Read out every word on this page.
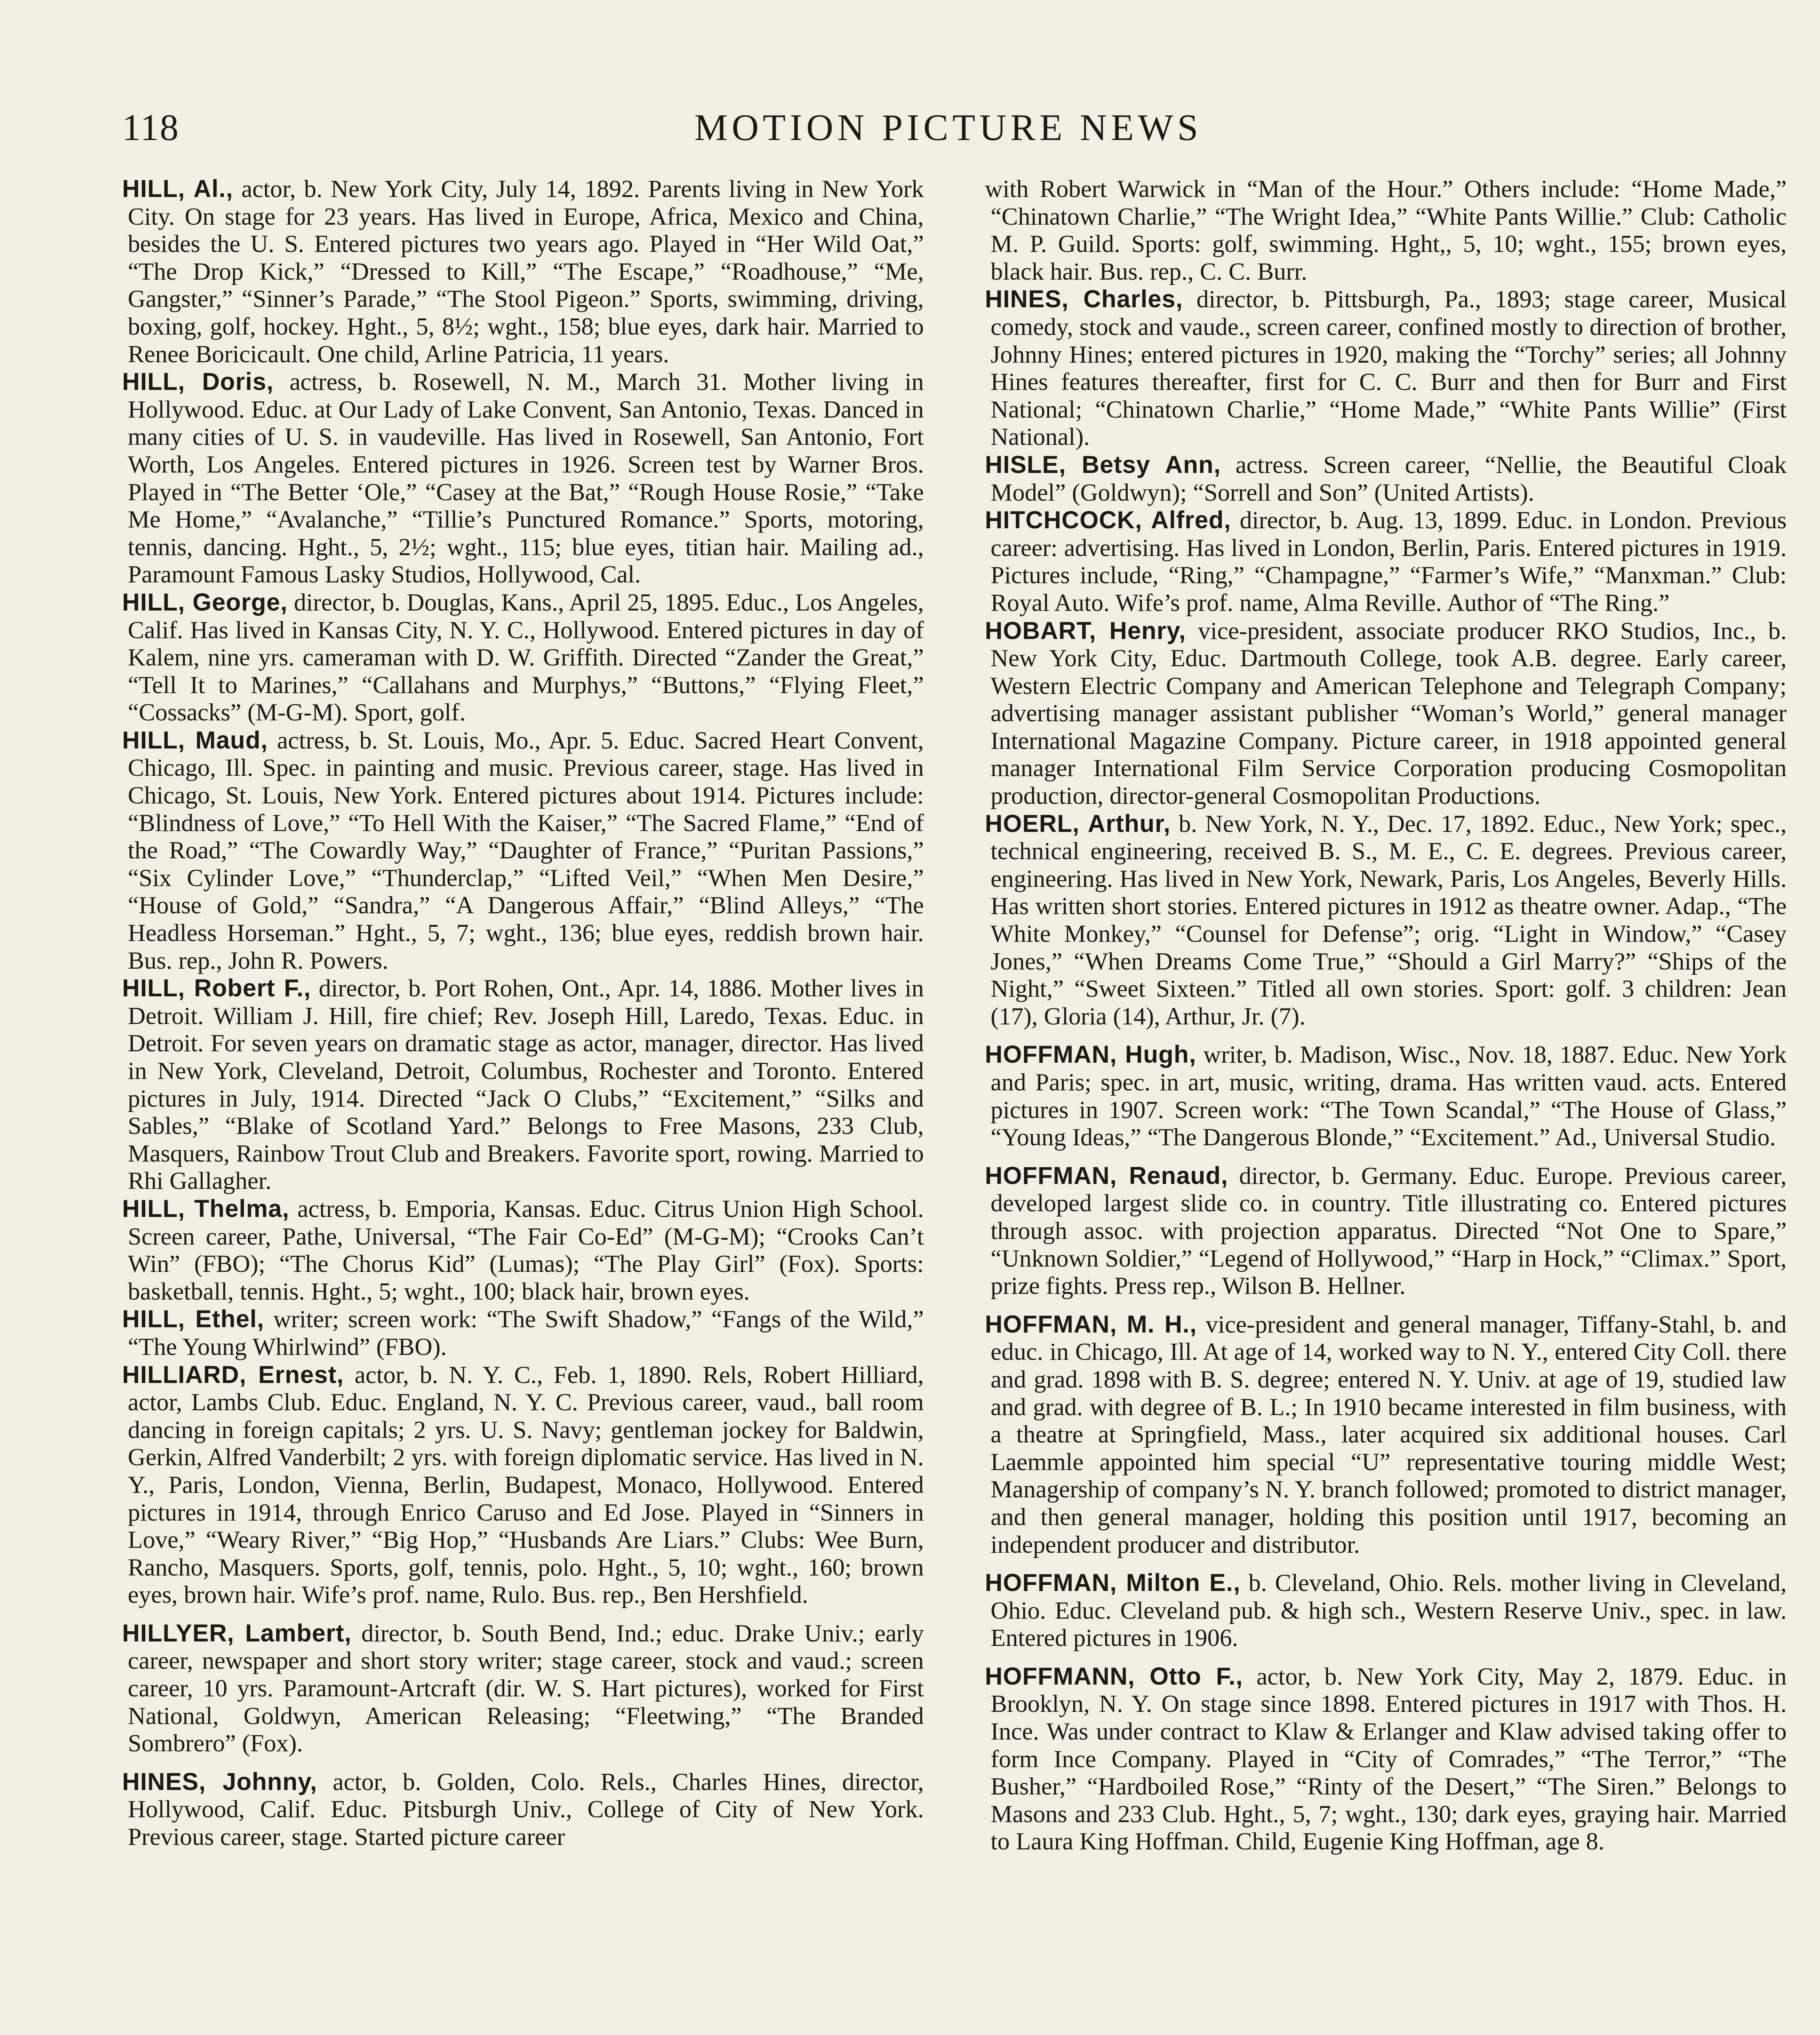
118	MOTION PICTURE NEWS

HILL, Al., actor, b. New York City, July 14, 1892. Parents living in New York City. On stage for 23 years. Has lived in Europe, Africa, Mexico and China, besides the U. S. Entered pictures two years ago. Played in “Her Wild Oat,” “The Drop Kick,” “Dressed to Kill,” “The Escape,” “Roadhouse,” “Me, Gangster,” “Sinner’s Parade,” “The Stool Pigeon.” Sports, swimming, driving, boxing, golf, hockey. Hght., 5, 8½; wght., 158; blue eyes, dark hair. Married to Renee Boricicault. One child, Arline Patricia, 11 years.

HILL, Doris, actress, b. Rosewell, N. M., March 31. Mother living in Hollywood. Educ. at Our Lady of Lake Convent, San Antonio, Texas. Danced in many cities of U. S. in vaudeville. Has lived in Rosewell, San Antonio, Fort Worth, Los Angeles. Entered pictures in 1926. Screen test by Warner Bros. Played in “The Better ‘Ole,” “Casey at the Bat,” “Rough House Rosie,” “Take Me Home,” “Avalanche,” “Tillie’s Punctured Romance.” Sports, motoring, tennis, dancing. Hght., 5, 2½; wght., 115; blue eyes, titian hair. Mailing ad., Paramount Famous Lasky Studios, Hollywood, Cal.

HILL, George, director, b. Douglas, Kans., April 25, 1895. Educ., Los Angeles, Calif. Has lived in Kansas City, N. Y. C., Hollywood. Entered pictures in day of Kalem, nine yrs. cameraman with D. W. Griffith. Directed “Zander the Great,” “Tell It to Marines,” “Callahans and Murphys,” “Buttons,” “Flying Fleet,” “Cossacks” (M-G-M). Sport, golf.

HILL, Maud, actress, b. St. Louis, Mo., Apr. 5. Educ. Sacred Heart Convent, Chicago, Ill. Spec. in painting and music. Previous career, stage. Has lived in Chicago, St. Louis, New York. Entered pictures about 1914. Pictures include: “Blindness of Love,” “To Hell With the Kaiser,” “The Sacred Flame,” “End of the Road,” “The Cowardly Way,” “Daughter of France,” “Puritan Passions,” “Six Cylinder Love,” “Thunderclap,” “Lifted Veil,” “When Men Desire,” “House of Gold,” “Sandra,” “A Dangerous Affair,” “Blind Alleys,” “The Headless Horseman.” Hght., 5, 7; wght., 136; blue eyes, reddish brown hair. Bus. rep., John R. Powers.

HILL, Robert F., director, b. Port Rohen, Ont., Apr. 14, 1886. Mother lives in Detroit. William J. Hill, fire chief; Rev. Joseph Hill, Laredo, Texas. Educ. in Detroit. For seven years on dramatic stage as actor, manager, director. Has lived in New York, Cleveland, Detroit, Columbus, Rochester and Toronto. Entered pictures in July, 1914. Directed “Jack O Clubs,” “Excitement,” “Silks and Sables,” “Blake of Scotland Yard.” Belongs to Free Masons, 233 Club, Masquers, Rainbow Trout Club and Breakers. Favorite sport, rowing. Married to Rhi Gallagher.

HILL, Thelma, actress, b. Emporia, Kansas. Educ. Citrus Union High School. Screen career, Pathe, Universal, “The Fair Co-Ed” (M-G-M); “Crooks Can’t Win” (FBO); “The Chorus Kid” (Lumas); “The Play Girl” (Fox). Sports: basketball, tennis. Hght., 5; wght., 100; black hair, brown eyes.

HILL, Ethel, writer; screen work: “The Swift Shadow,” “Fangs of the Wild,” “The Young Whirlwind” (FBO).

HILLIARD, Ernest, actor, b. N. Y. C., Feb. 1, 1890. Rels, Robert Hilliard, actor, Lambs Club. Educ. England, N. Y. C. Previous career, vaud., ball room dancing in foreign capitals; 2 yrs. U. S. Navy; gentleman jockey for Baldwin, Gerkin, Alfred Vanderbilt; 2 yrs. with foreign diplomatic service. Has lived in N. Y., Paris, London, Vienna, Berlin, Budapest, Monaco, Hollywood. Entered pictures in 1914, through Enrico Caruso and Ed Jose. Played in “Sinners in Love,” “Weary River,” “Big Hop,” “Husbands Are Liars.” Clubs: Wee Burn, Rancho, Masquers. Sports, golf, tennis, polo. Hght., 5, 10; wght., 160; brown eyes, brown hair. Wife’s prof. name, Rulo. Bus. rep., Ben Hershfield.

HILLYER, Lambert, director, b. South Bend, Ind.; educ. Drake Univ.; early career, newspaper and short story writer; stage career, stock and vaud.; screen career, 10 yrs. Paramount-Artcraft (dir. W. S. Hart pictures), worked for First National, Goldwyn, American Releasing; “Fleetwing,” “The Branded Sombrero” (Fox).

HINES, Johnny, actor, b. Golden, Colo. Rels., Charles Hines, director, Hollywood, Calif. Educ. Pitsburgh Univ., College of City of New York. Previous career, stage. Started picture career

with Robert Warwick in “Man of the Hour.” Others include: “Home Made,” “Chinatown Charlie,” “The Wright Idea,” “White Pants Willie.” Club: Catholic M. P. Guild. Sports: golf, swimming. Hght,, 5, 10; wght., 155; brown eyes, black hair. Bus. rep., C. C. Burr.

HINES, Charles, director, b. Pittsburgh, Pa., 1893; stage career, Musical comedy, stock and vaude., screen career, confined mostly to direction of brother, Johnny Hines; entered pictures in 1920, making the “Torchy” series; all Johnny Hines features thereafter, first for C. C. Burr and then for Burr and First National; “Chinatown Charlie,” “Home Made,” “White Pants Willie” (First National).

HISLE, Betsy Ann, actress. Screen career, “Nellie, the Beautiful Cloak Model” (Goldwyn); “Sorrell and Son” (United Artists).

HITCHCOCK, Alfred, director, b. Aug. 13, 1899. Educ. in London. Previous career: advertising. Has lived in London, Berlin, Paris. Entered pictures in 1919. Pictures include, “Ring,” “Champagne,” “Farmer’s Wife,” “Manxman.” Club: Royal Auto. Wife’s prof. name, Alma Reville. Author of “The Ring.”

HOBART, Henry, vice-president, associate producer RKO Studios, Inc., b. New York City, Educ. Dartmouth College, took A.B. degree. Early career, Western Electric Company and American Telephone and Telegraph Company; advertising manager assistant publisher “Woman’s World,” general manager International Magazine Company. Picture career, in 1918 appointed general manager International Film Service Corporation producing Cosmopolitan production, director-general Cosmopolitan Productions.

HOERL, Arthur, b. New York, N. Y., Dec. 17, 1892. Educ., New York; spec., technical engineering, received B. S., M. E., C. E. degrees. Previous career, engineering. Has lived in New York, Newark, Paris, Los Angeles, Beverly Hills. Has written short stories. Entered pictures in 1912 as theatre owner. Adap., “The White Monkey,” “Counsel for Defense”; orig. “Light in Window,” “Casey Jones,” “When Dreams Come True,” “Should a Girl Marry?” “Ships of the Night,” “Sweet Sixteen.” Titled all own stories. Sport: golf. 3 children: Jean (17), Gloria (14), Arthur, Jr. (7).

HOFFMAN, Hugh, writer, b. Madison, Wisc., Nov. 18, 1887. Educ. New York and Paris; spec. in art, music, writing, drama. Has written vaud. acts. Entered pictures in 1907. Screen work: “The Town Scandal,” “The House of Glass,” “Young Ideas,” “The Dangerous Blonde,” “Excitement.” Ad., Universal Studio.

HOFFMAN, Renaud, director, b. Germany. Educ. Europe. Previous career, developed largest slide co. in country. Title illustrating co. Entered pictures through assoc. with projection apparatus. Directed “Not One to Spare,” “Unknown Soldier,” “Legend of Hollywood,” “Harp in Hock,” “Climax.” Sport, prize fights. Press rep., Wilson B. Hellner.

HOFFMAN, M. H., vice-president and general manager, Tiffany-Stahl, b. and educ. in Chicago, Ill. At age of 14, worked way to N. Y., entered City Coll. there and grad. 1898 with B. S. degree; entered N. Y. Univ. at age of 19, studied law and grad. with degree of B. L.; In 1910 became interested in film business, with a theatre at Springfield, Mass., later acquired six additional houses. Carl Laemmle appointed him special “U” representative touring middle West; Managership of company’s N. Y. branch followed; promoted to district manager, and then general manager, holding this position until 1917, becoming an independent producer and distributor.

HOFFMAN, Milton E., b. Cleveland, Ohio. Rels. mother living in Cleveland, Ohio. Educ. Cleveland pub. & high sch., Western Reserve Univ., spec. in law. Entered pictures in 1906.

HOFFMANN, Otto F., actor, b. New York City, May 2, 1879. Educ. in Brooklyn, N. Y. On stage since 1898. Entered pictures in 1917 with Thos. H. Ince. Was under contract to Klaw & Erlanger and Klaw advised taking offer to form Ince Company. Played in “City of Comrades,” “The Terror,” “The Busher,” “Hardboiled Rose,” “Rinty of the Desert,” “The Siren.” Belongs to Masons and 233 Club. Hght., 5, 7; wght., 130; dark eyes, graying hair. Married to Laura King Hoffman. Child, Eugenie King Hoffman, age 8.
